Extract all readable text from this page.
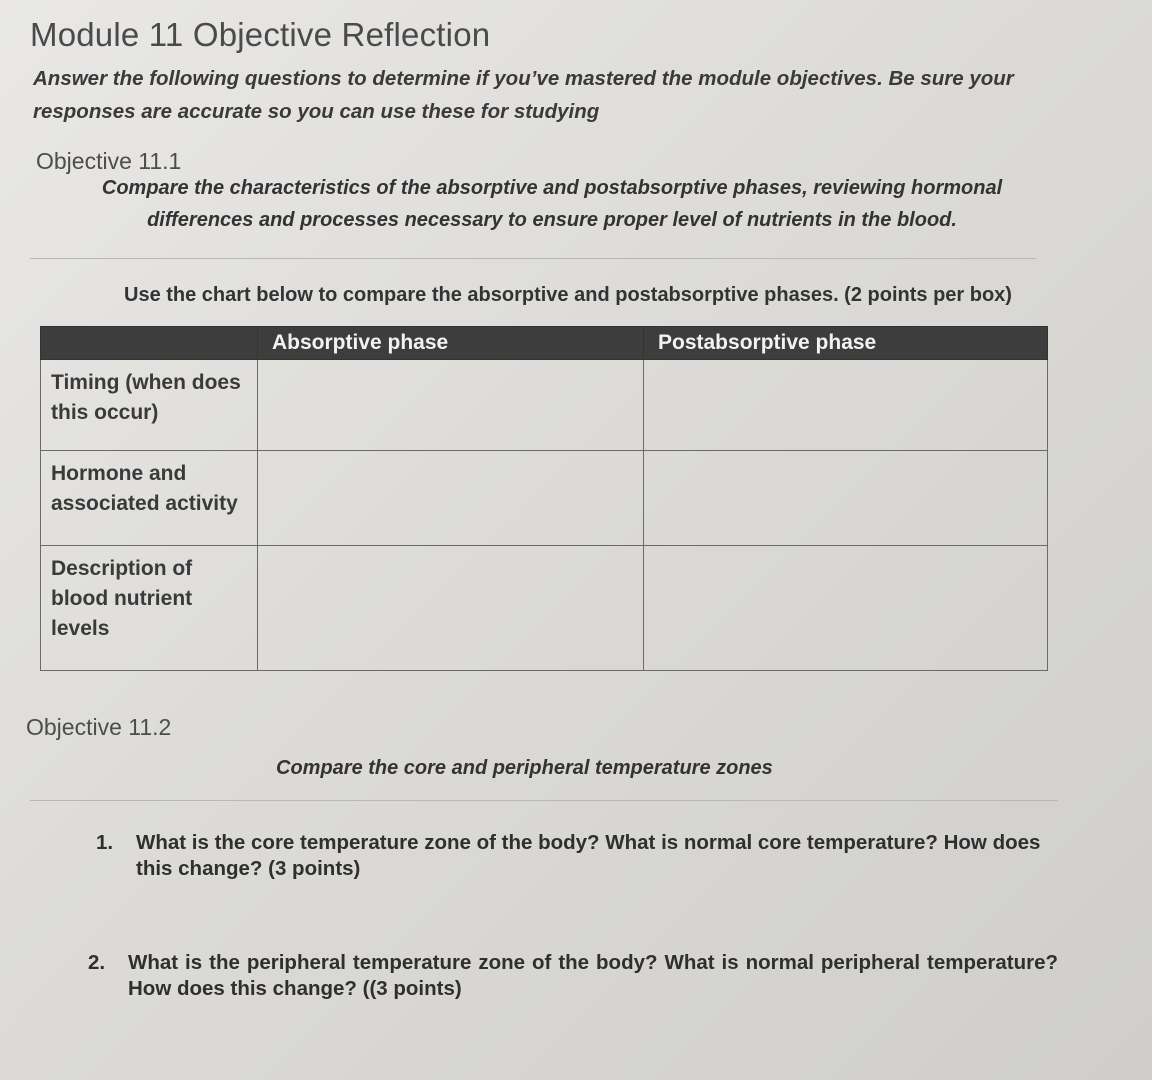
Module 11 Objective Reflection
Answer the following questions to determine if you’ve mastered the module objectives. Be sure your responses are accurate so you can use these for studying
Objective 11.1
Compare the characteristics of the absorptive and postabsorptive phases, reviewing hormonal differences and processes necessary to ensure proper level of nutrients in the blood.
Use the chart below to compare the absorptive and postabsorptive phases. (2 points per box)
	Absorptive phase	Postabsorptive phase
Timing (when does this occur)		
Hormone and associated activity		
Description of blood nutrient levels		
Objective 11.2
Compare the core and peripheral temperature zones
1. What is the core temperature zone of the body? What is normal core temperature? How does this change? (3 points)
2. What is the peripheral temperature zone of the body? What is normal peripheral temperature? How does this change? ((3 points)
